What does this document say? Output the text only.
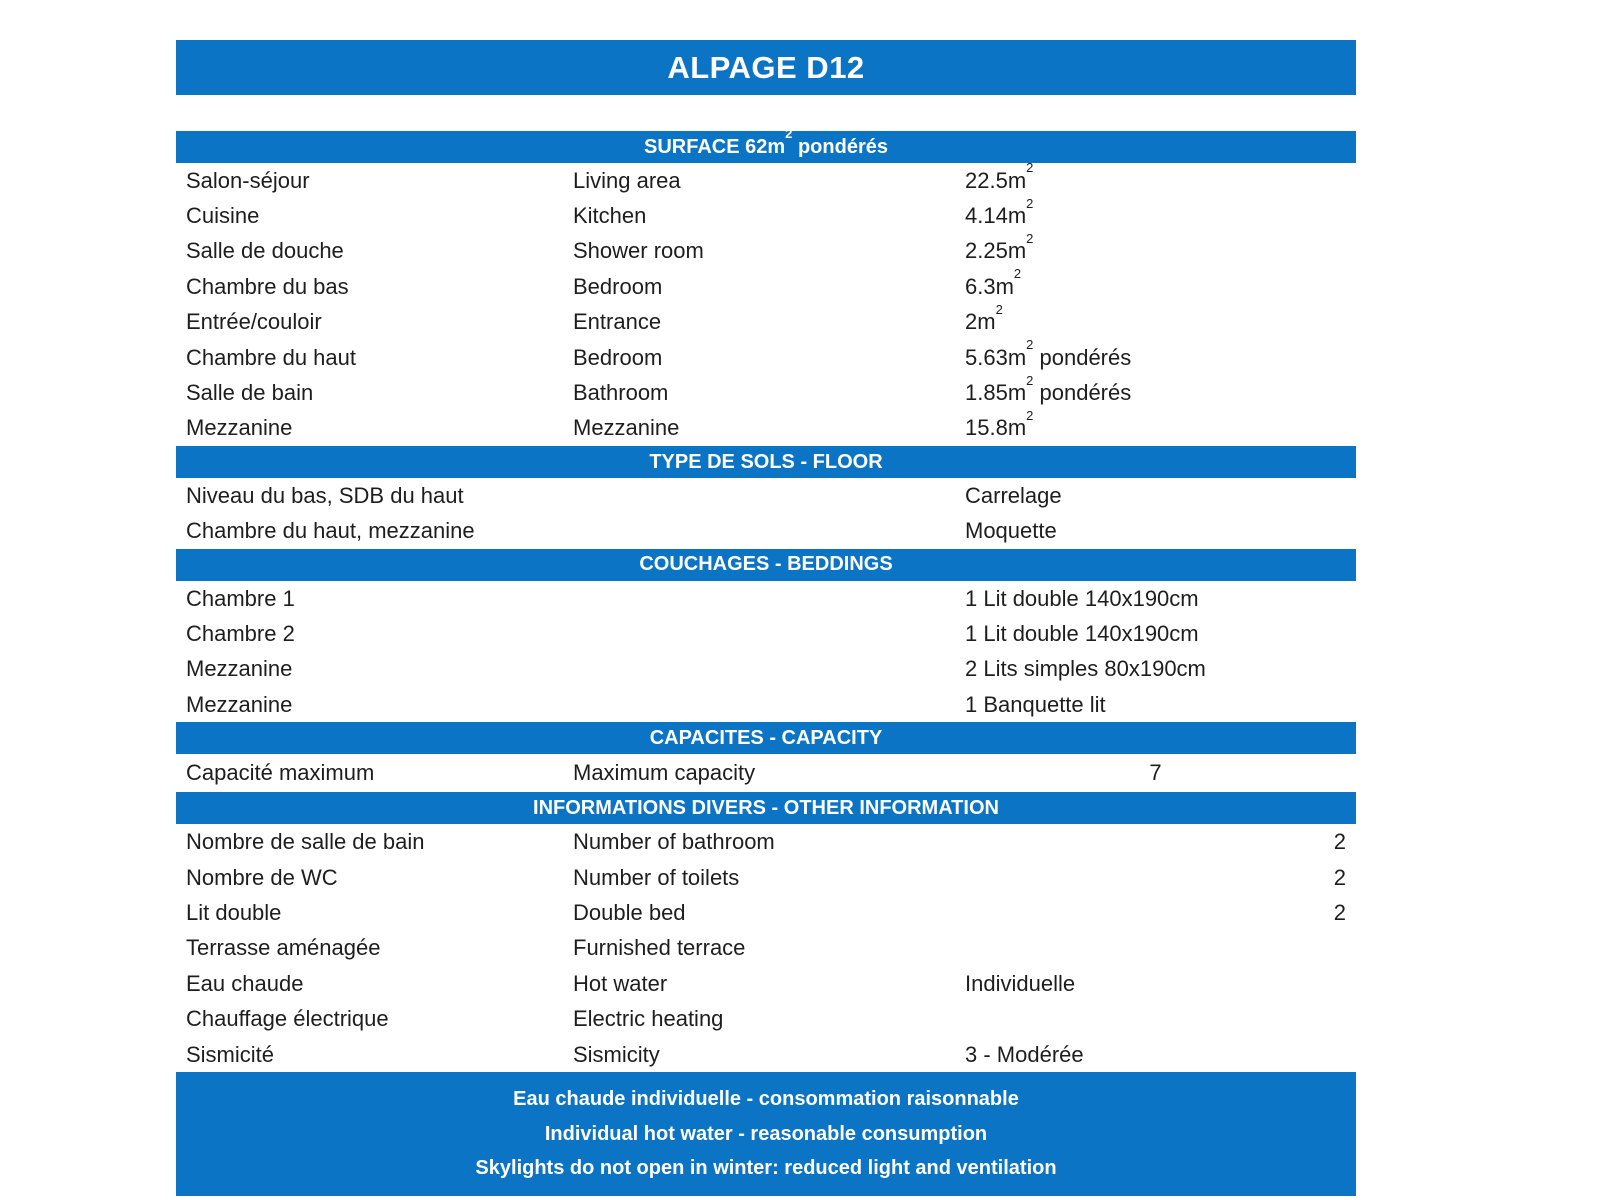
ALPAGE D12
SURFACE $62m^2$ pondérés
Salon-séjour	Living area	$22.5m^2$
Cuisine	Kitchen	$4.14m^2$
Salle de douche	Shower room	$2.25m^2$
Chambre du bas	Bedroom	$6.3m^2$
Entrée/couloir	Entrance	$2m^2$
Chambre du haut	Bedroom	$5.63m^2$ pondérés
Salle de bain	Bathroom	$1.85m^2$ pondérés
Mezzanine	Mezzanine	$15.8m^2$
TYPE DE SOLS - FLOOR
Niveau du bas, SDB du haut	Carrelage
Chambre du haut, mezzanine	Moquette
COUCHAGES - BEDDINGS
Chambre 1	1 Lit double 140x190cm
Chambre 2	1 Lit double 140x190cm
Mezzanine	2 Lits simples 80x190cm
Mezzanine	1 Banquette lit
CAPACITES - CAPACITY
Capacité maximum	Maximum capacity	7
INFORMATIONS DIVERS - OTHER INFORMATION
Nombre de salle de bain	Number of bathroom	2
Nombre de WC	Number of toilets	2
Lit double	Double bed	2
Terrasse aménagée	Furnished terrace
Eau chaude	Hot water	Individuelle
Chauffage électrique	Electric heating
Sismicité	Sismicity	3 - Modérée
Eau chaude individuelle - consommation raisonnable
Individual hot water - reasonable consumption
Skylights do not open in winter: reduced light and ventilation
